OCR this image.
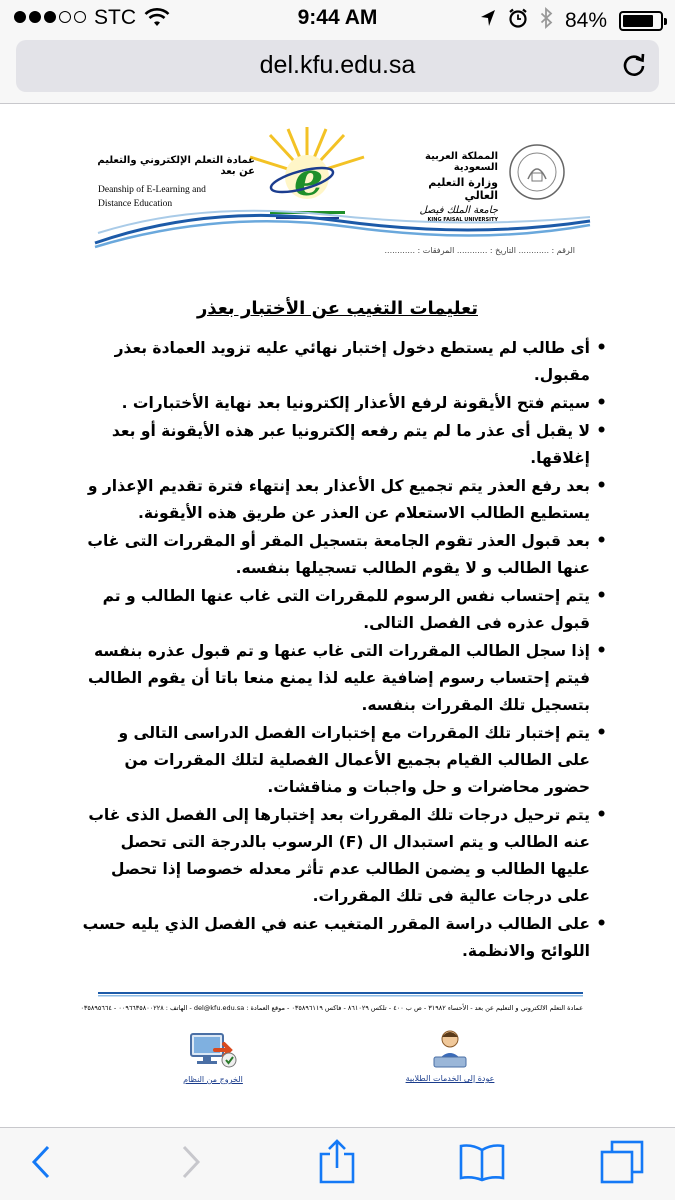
STC	9:44 AM	84%
del.kfu.edu.sa
عمادة التعلم الإلكتروني والتعليم عن بعد
Deanship of E-Learning and
Distance Education	e	المملكة العربية السعودية
وزارة التعليم العالي
جامعة الملك فيصل
KING FAISAL UNIVERSITY
الرقم : ............ التاريخ : ............ المرفقات : ............
تعليمات التغيب عن الأختبار بعذر
• أى طالب لم يستطع دخول إختبار نهائي عليه تزويد العمادة بعذر مقبول.
• سيتم فتح الأيقونة لرفع الأعذار إلكترونيا بعد نهاية الأختبارات .
• لا يقبل أى عذر ما لم يتم رفعه إلكترونيا عبر هذه الأيقونة أو بعد إغلاقها.
• بعد رفع العذر يتم تجميع كل الأعذار بعد إنتهاء فترة تقديم الإعذار و يستطيع الطالب الاستعلام عن العذر عن طريق هذه الأيقونة.
• بعد قبول العذر تقوم الجامعة بتسجيل المقر أو المقررات التى غاب عنها الطالب و لا يقوم الطالب تسجيلها بنفسه.
• يتم إحتساب نفس الرسوم للمقررات التى غاب عنها الطالب و تم قبول عذره فى الفصل التالى.
• إذا سجل الطالب المقررات التى غاب عنها و تم قبول عذره بنفسه فيتم إحتساب رسوم إضافية عليه لذا يمنع منعا باتا أن يقوم الطالب بتسجيل تلك المقررات بنفسه.
• يتم إختبار تلك المقررات مع إختبارات الفصل الدراسى التالى و على الطالب القيام بجميع الأعمال الفصلية لتلك المقررات من حضور محاضرات و حل واجبات و مناقشات.
• يتم ترحيل درجات تلك المقررات بعد إختبارها إلى الفصل الذى غاب عنه الطالب و يتم استبدال ال (F) الرسوب بالدرجة التى تحصل عليها الطالب و يضمن الطالب عدم تأثر معدله خصوصا إذا تحصل على درجات عالية فى تلك المقررات.
• على الطالب دراسة المقرر المتغيب عنه في الفصل الذي يليه حسب اللوائح والانظمة.
عمادة التعلم الالكتروني و التعليم عن بعد - الأحساء ٣١٩٨٢ - ص ب ٤٠٠ - تلكس ٨٦١٠٢٩ - فاكس ٠٣٥٨٩٦١١٩ - موقع العمادة : del@kfu.edu.sa - الهاتف : ٠٠٩٦٦٣٥٨٠٠٢٢٨ - ٠٣٥٨٩٥٦٦٤
الخروج من النظام	عودة إلى الخدمات الطلابية
